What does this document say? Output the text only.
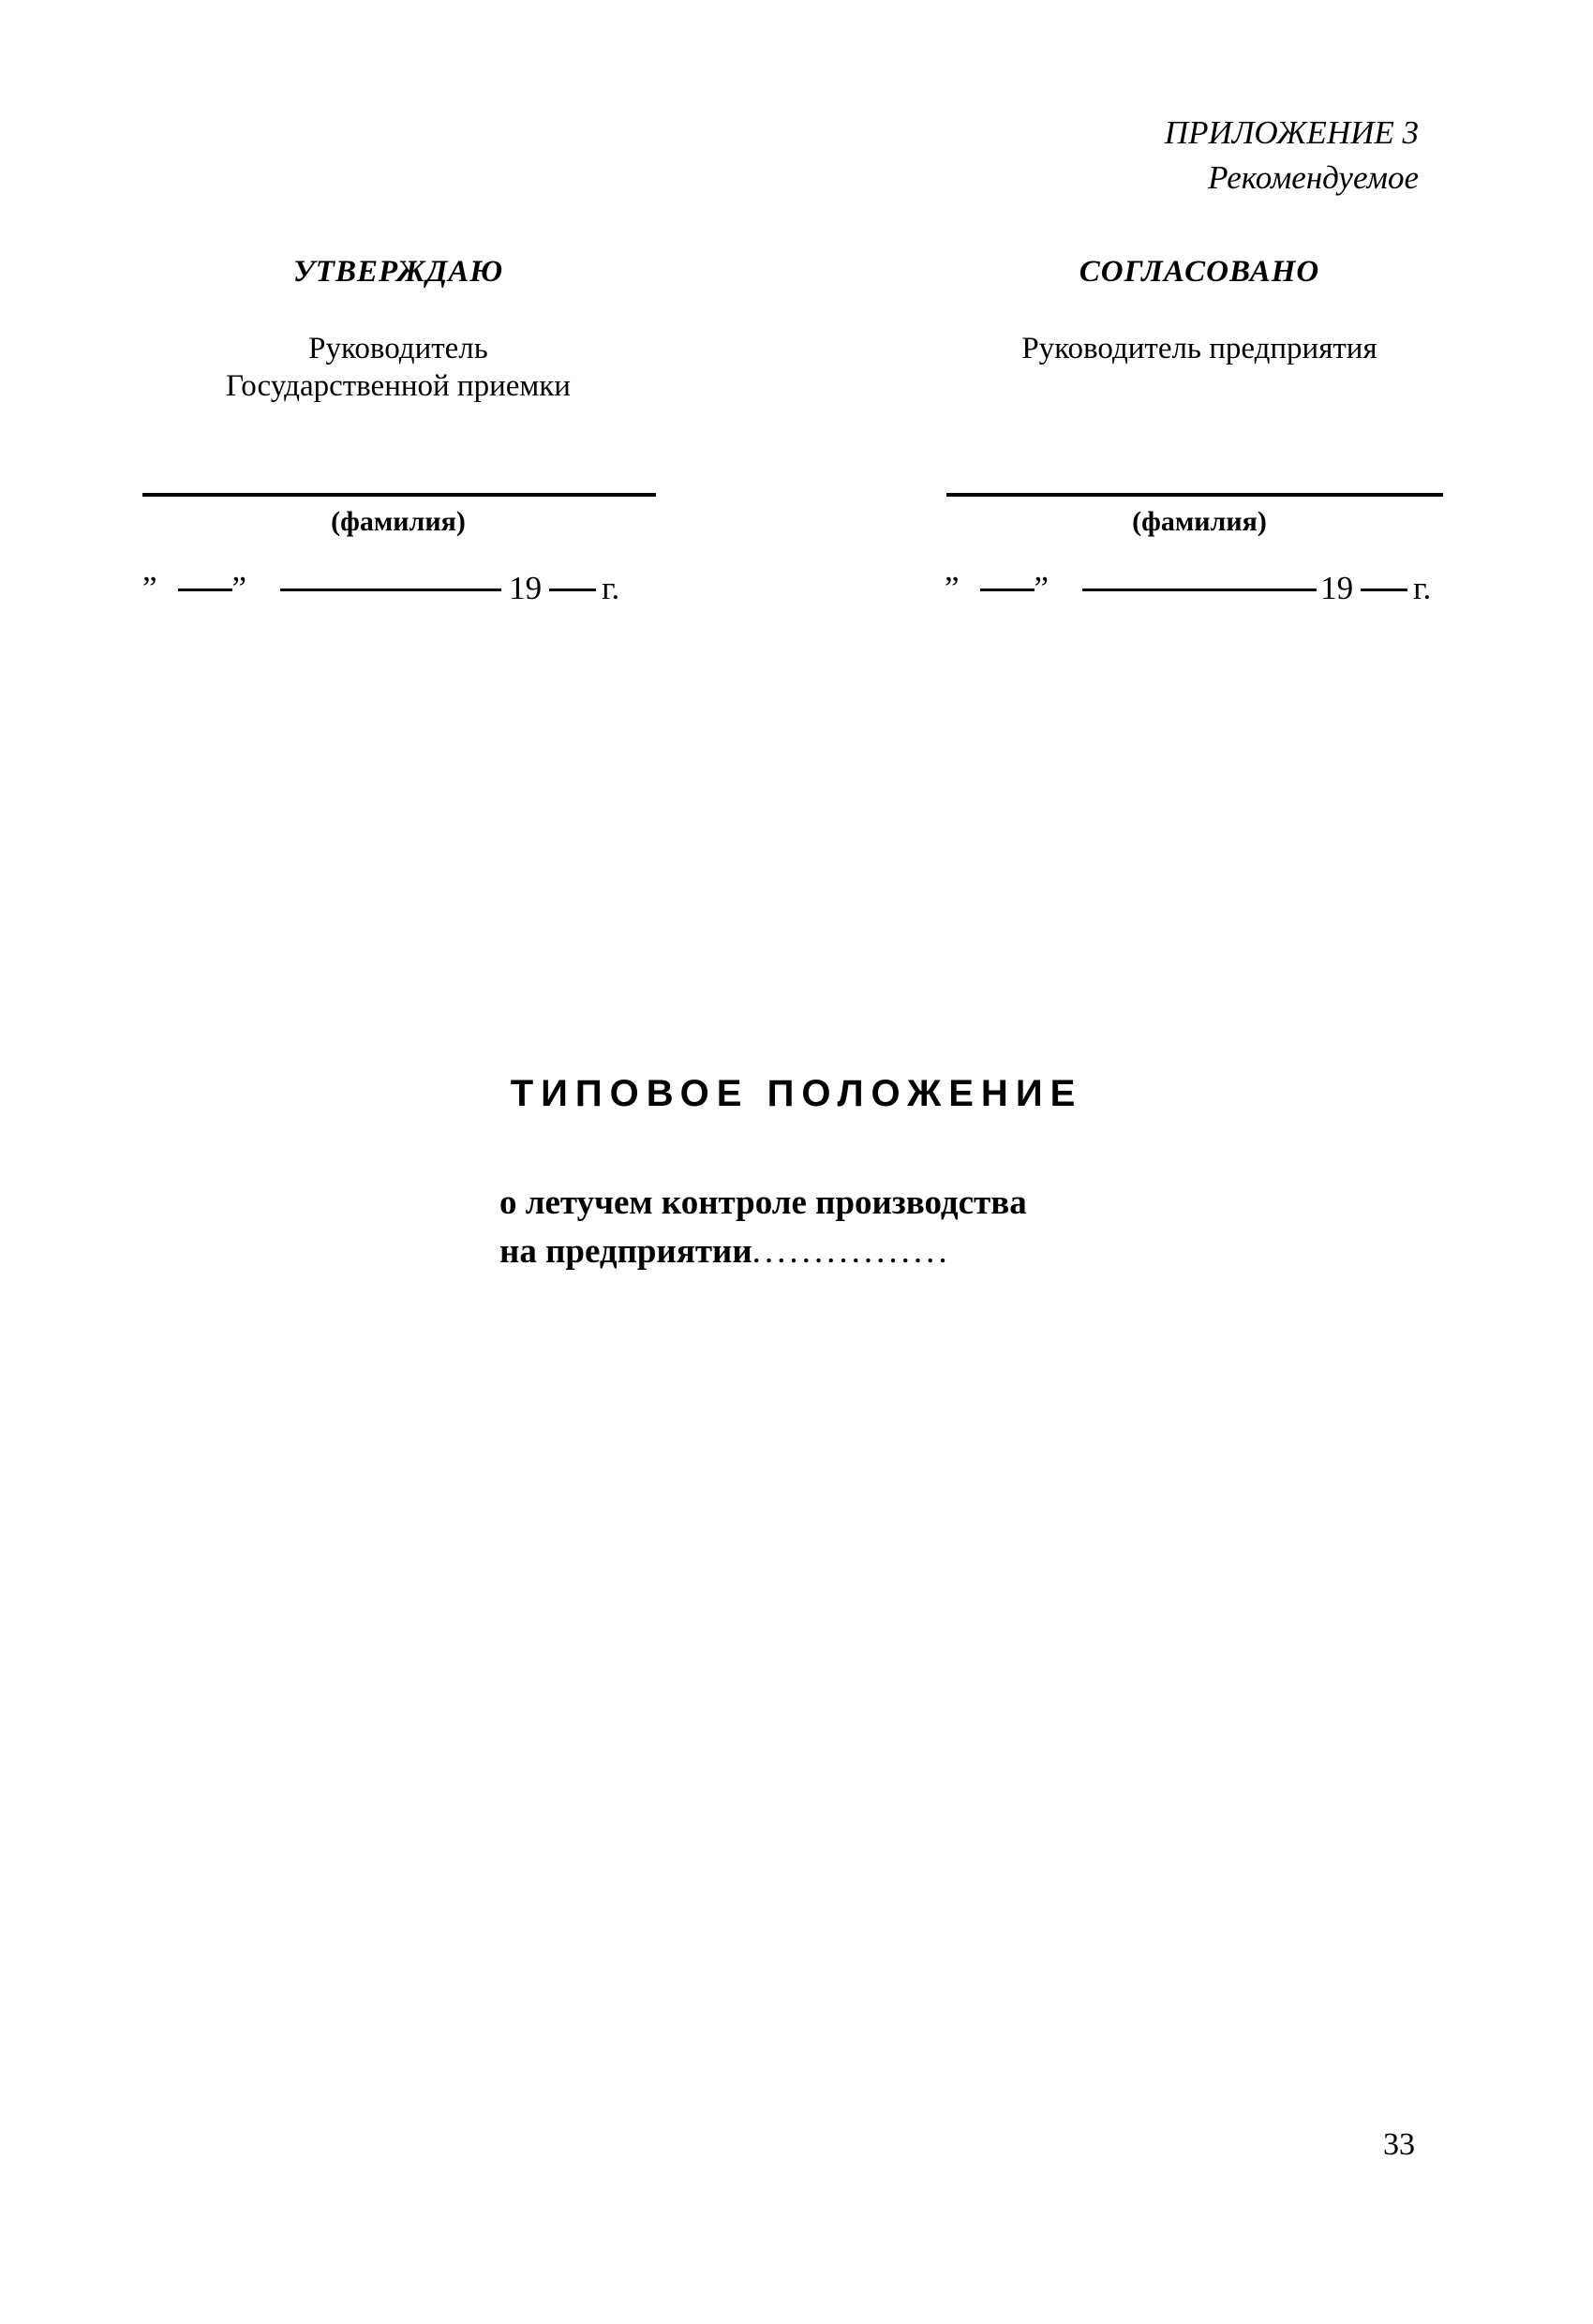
ПРИЛОЖЕНИЕ 3
Рекомендуемое
УТВЕРЖДАЮ
Руководитель
Государственной приемки
(фамилия)
” ”	19 г.
СОГЛАСОВАНО
Руководитель предприятия
(фамилия)
” ”	19 г.
ТИПОВОЕ ПОЛОЖЕНИЕ
о летучем контроле производства
на предприятии................
33
